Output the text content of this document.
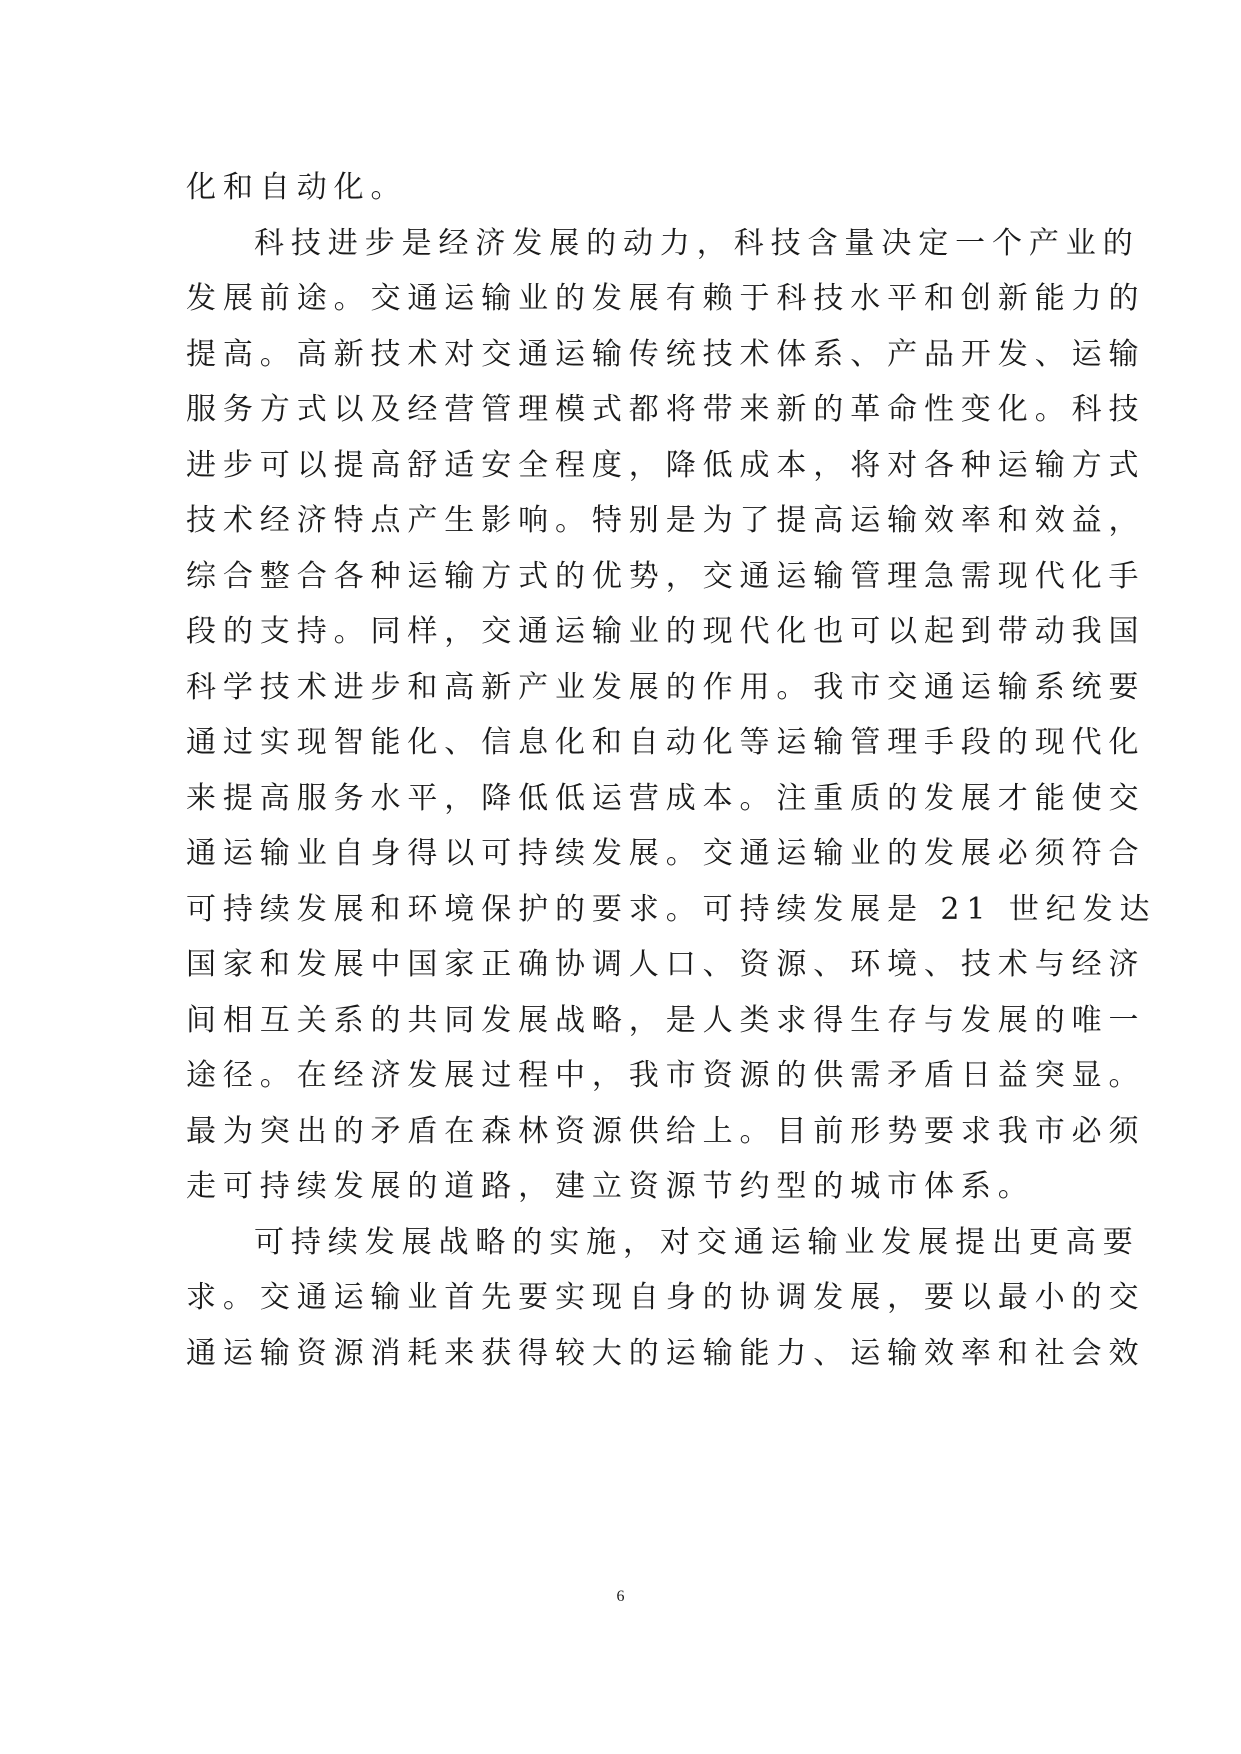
化和自动化。
科技进步是经济发展的动力，科技含量决定一个产业的
发展前途。交通运输业的发展有赖于科技水平和创新能力的
提高。高新技术对交通运输传统技术体系、产品开发、运输
服务方式以及经营管理模式都将带来新的革命性变化。科技
进步可以提高舒适安全程度，降低成本，将对各种运输方式
技术经济特点产生影响。特别是为了提高运输效率和效益，
综合整合各种运输方式的优势，交通运输管理急需现代化手
段的支持。同样，交通运输业的现代化也可以起到带动我国
科学技术进步和高新产业发展的作用。我市交通运输系统要
通过实现智能化、信息化和自动化等运输管理手段的现代化
来提高服务水平，降低低运营成本。注重质的发展才能使交
通运输业自身得以可持续发展。交通运输业的发展必须符合
可持续发展和环境保护的要求。可持续发展是 21 世纪发达
国家和发展中国家正确协调人口、资源、环境、技术与经济
间相互关系的共同发展战略，是人类求得生存与发展的唯一
途径。在经济发展过程中，我市资源的供需矛盾日益突显。
最为突出的矛盾在森林资源供给上。目前形势要求我市必须
走可持续发展的道路，建立资源节约型的城市体系。
可持续发展战略的实施，对交通运输业发展提出更高要
求。交通运输业首先要实现自身的协调发展，要以最小的交
通运输资源消耗来获得较大的运输能力、运输效率和社会效
6
